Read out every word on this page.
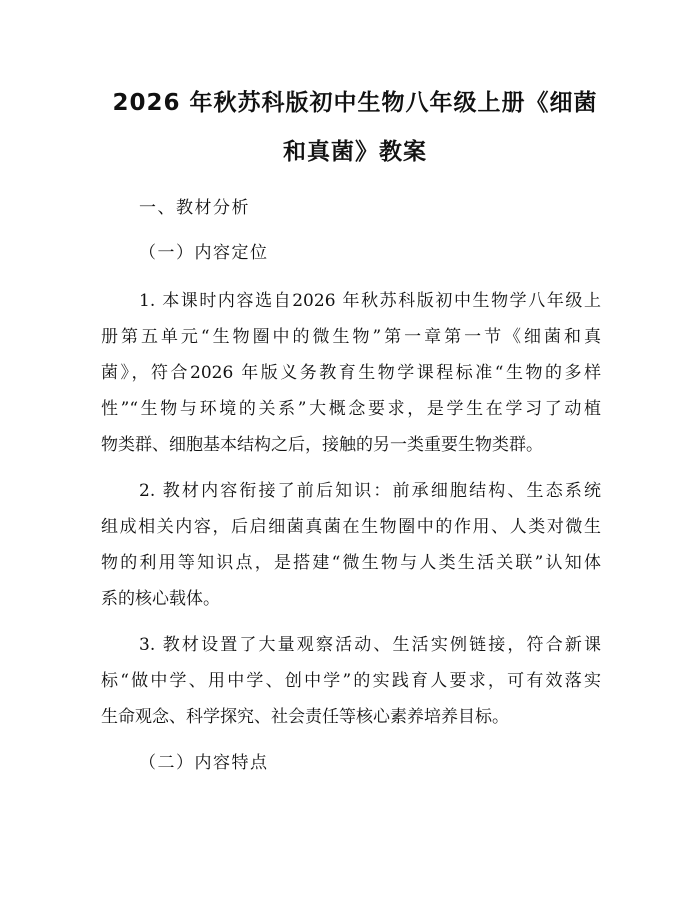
2026 年秋苏科版初中生物八年级上册《细菌
和真菌》教案
一、教材分析
（一）内容定位
1. 本课时内容选自2026 年秋苏科版初中生物学八年级上
册第五单元“生物圈中的微生物”第一章第一节《细菌和真
菌》，符合2026 年版义务教育生物学课程标准“生物的多样
性”“生物与环境的关系”大概念要求，是学生在学习了动植
物类群、细胞基本结构之后，接触的另一类重要生物类群。
2. 教材内容衔接了前后知识：前承细胞结构、生态系统
组成相关内容，后启细菌真菌在生物圈中的作用、人类对微生
物的利用等知识点，是搭建“微生物与人类生活关联”认知体
系的核心载体。
3. 教材设置了大量观察活动、生活实例链接，符合新课
标“做中学、用中学、创中学”的实践育人要求，可有效落实
生命观念、科学探究、社会责任等核心素养培养目标。
（二）内容特点
